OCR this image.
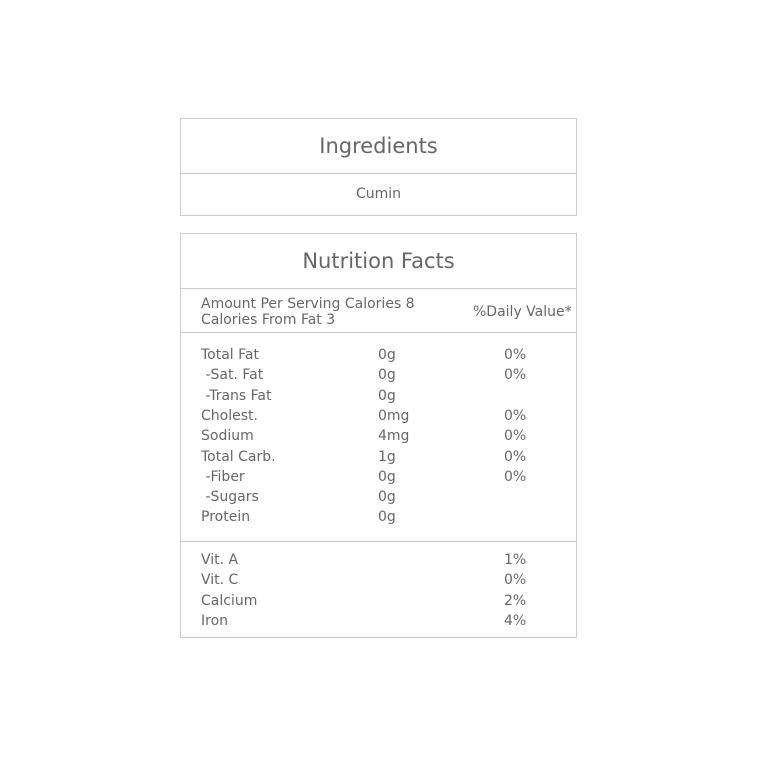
Ingredients
Cumin
Nutrition Facts
Amount Per Serving Calories 8
Calories From Fat 3	%Daily Value*
Total Fat	0g	0%
-Sat. Fat	0g	0%
-Trans Fat	0g
Cholest.	0mg	0%
Sodium	4mg	0%
Total Carb.	1g	0%
-Fiber	0g	0%
-Sugars	0g
Protein	0g
Vit. A	1%
Vit. C	0%
Calcium	2%
Iron	4%
